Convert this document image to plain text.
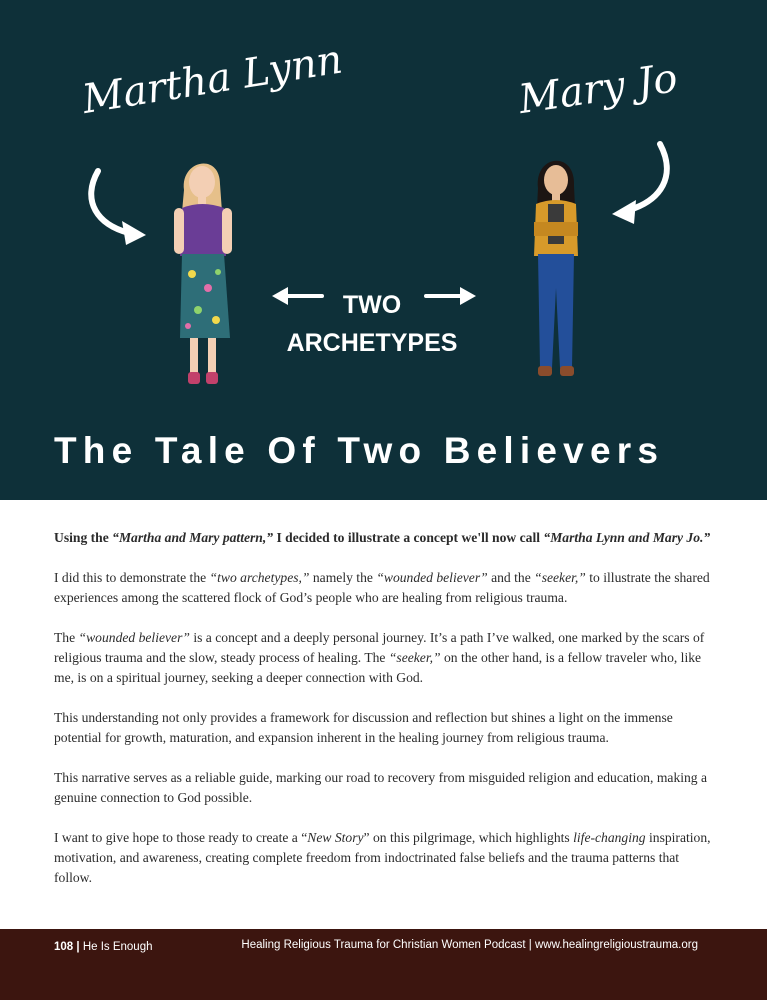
Martha Lynn	Mary Jo
TWO
ARCHETYPES
The Tale Of Two Believers

Using the “Martha and Mary pattern,” I decided to illustrate a concept we'll now call “Martha Lynn and Mary Jo.”

I did this to demonstrate the “two archetypes,” namely the “wounded believer” and the “seeker,” to illustrate the shared experiences among the scattered flock of God’s people who are healing from religious trauma.

The “wounded believer” is a concept and a deeply personal journey. It’s a path I’ve walked, one marked by the scars of religious trauma and the slow, steady process of healing. The “seeker,” on the other hand, is a fellow traveler who, like me, is on a spiritual journey, seeking a deeper connection with God.

This understanding not only provides a framework for discussion and reflection but shines a light on the immense potential for growth, maturation, and expansion inherent in the healing journey from religious trauma.

This narrative serves as a reliable guide, marking our road to recovery from misguided religion and education, making a genuine connection to God possible.

I want to give hope to those ready to create a “New Story” on this pilgrimage, which highlights life-changing inspiration, motivation, and awareness, creating complete freedom from indoctrinated false beliefs and the trauma patterns that follow.

108 | He Is Enough	Healing Religious Trauma for Christian Women Podcast | www.healingreligioustrauma.org
